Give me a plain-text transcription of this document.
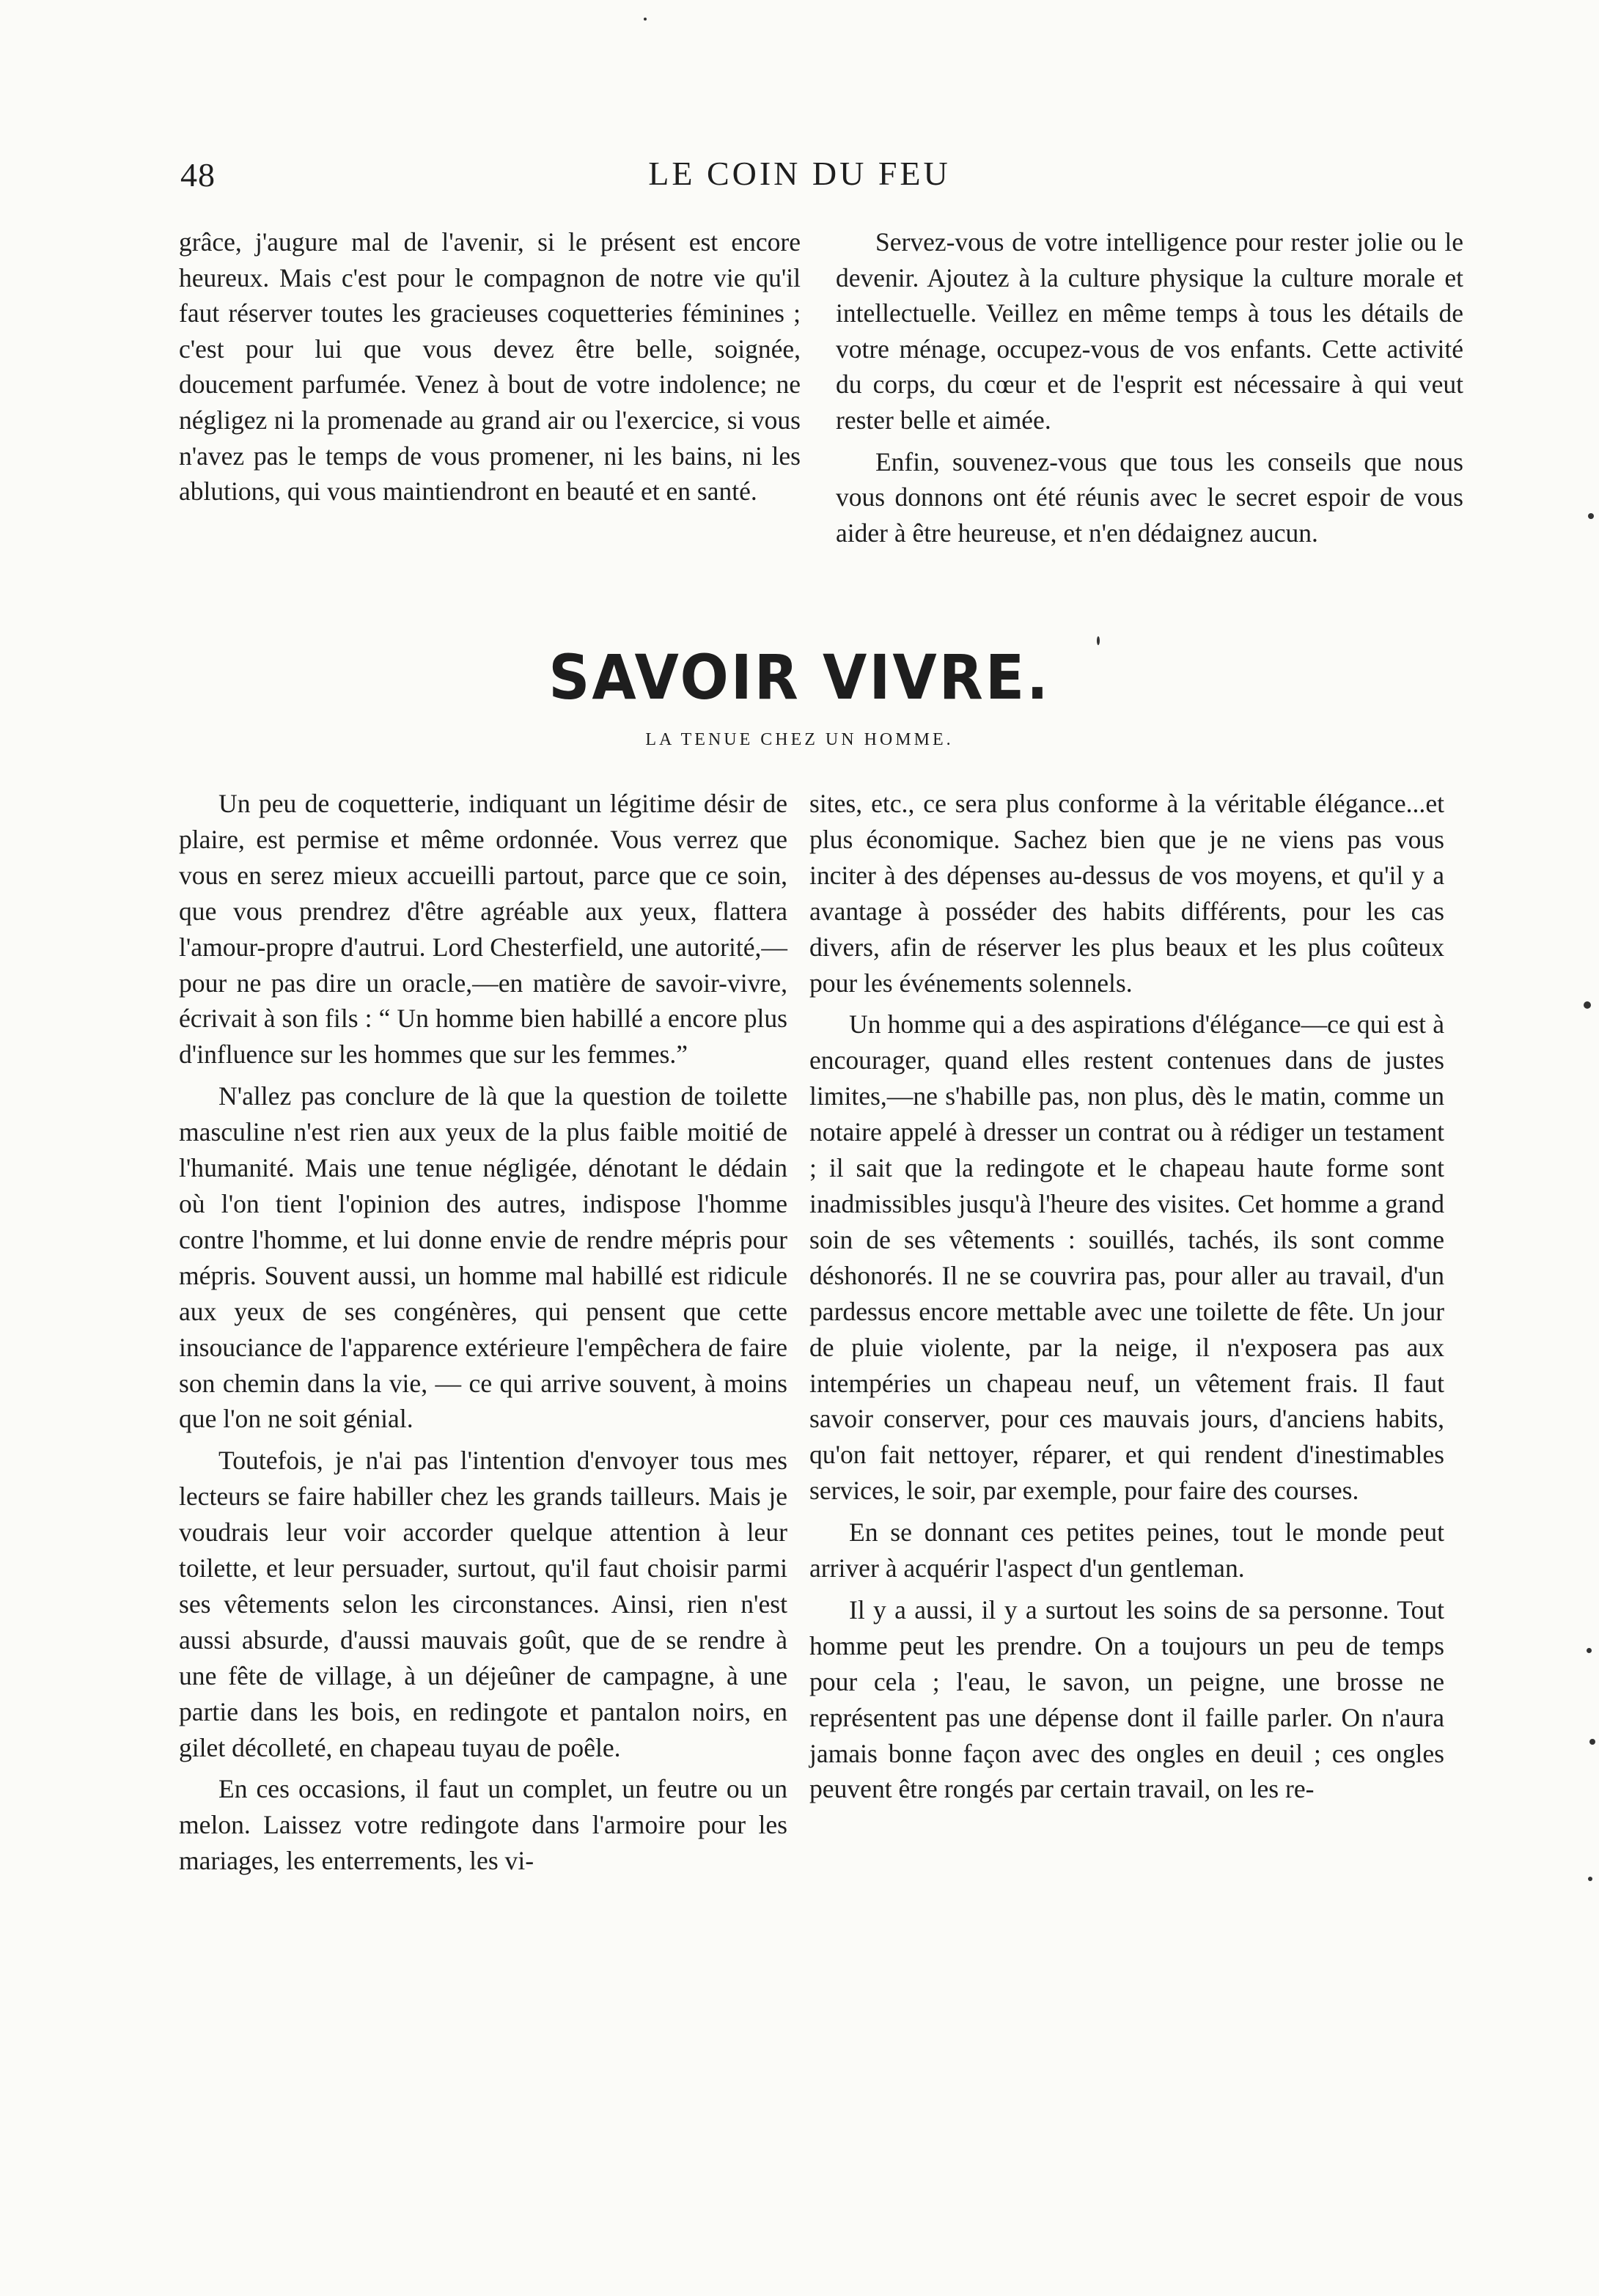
48	LE COIN DU FEU

grâce, j'augure mal de l'avenir, si le présent est encore heureux. Mais c'est pour le compagnon de notre vie qu'il faut réserver toutes les gracieuses coquetteries féminines ; c'est pour lui que vous devez être belle, soignée, doucement parfumée. Venez à bout de votre indolence; ne négligez ni la promenade au grand air ou l'exercice, si vous n'avez pas le temps de vous promener, ni les bains, ni les ablutions, qui vous maintiendront en beauté et en santé.

Servez-vous de votre intelligence pour rester jolie ou le devenir. Ajoutez à la culture physique la culture morale et intellectuelle. Veillez en même temps à tous les détails de votre ménage, occupez-vous de vos enfants. Cette activité du corps, du cœur et de l'esprit est nécessaire à qui veut rester belle et aimée.

Enfin, souvenez-vous que tous les conseils que nous vous donnons ont été réunis avec le secret espoir de vous aider à être heureuse, et n'en dédaignez aucun.

SAVOIR VIVRE.
LA TENUE CHEZ UN HOMME.

Un peu de coquetterie, indiquant un légitime désir de plaire, est permise et même ordonnée. Vous verrez que vous en serez mieux accueilli partout, parce que ce soin, que vous prendrez d'être agréable aux yeux, flattera l'amour-propre d'autrui. Lord Chesterfield, une autorité,—pour ne pas dire un oracle,—en matière de savoir-vivre, écrivait à son fils : “ Un homme bien habillé a encore plus d'influence sur les hommes que sur les femmes.”

N'allez pas conclure de là que la question de toilette masculine n'est rien aux yeux de la plus faible moitié de l'humanité. Mais une tenue négligée, dénotant le dédain où l'on tient l'opinion des autres, indispose l'homme contre l'homme, et lui donne envie de rendre mépris pour mépris. Souvent aussi, un homme mal habillé est ridicule aux yeux de ses congénères, qui pensent que cette insouciance de l'apparence extérieure l'empêchera de faire son chemin dans la vie, — ce qui arrive souvent, à moins que l'on ne soit génial.

Toutefois, je n'ai pas l'intention d'envoyer tous mes lecteurs se faire habiller chez les grands tailleurs. Mais je voudrais leur voir accorder quelque attention à leur toilette, et leur persuader, surtout, qu'il faut choisir parmi ses vêtements selon les circonstances. Ainsi, rien n'est aussi absurde, d'aussi mauvais goût, que de se rendre à une fête de village, à un déjeûner de campagne, à une partie dans les bois, en redingote et pantalon noirs, en gilet décolleté, en chapeau tuyau de poêle.

En ces occasions, il faut un complet, un feutre ou un melon. Laissez votre redingote dans l'armoire pour les mariages, les enterrements, les vi-

sites, etc., ce sera plus conforme à la véritable élégance...et plus économique. Sachez bien que je ne viens pas vous inciter à des dépenses au-dessus de vos moyens, et qu'il y a avantage à posséder des habits différents, pour les cas divers, afin de réserver les plus beaux et les plus coûteux pour les événements solennels.

Un homme qui a des aspirations d'élégance—ce qui est à encourager, quand elles restent contenues dans de justes limites,—ne s'habille pas, non plus, dès le matin, comme un notaire appelé à dresser un contrat ou à rédiger un testament ; il sait que la redingote et le chapeau haute forme sont inadmissibles jusqu'à l'heure des visites. Cet homme a grand soin de ses vêtements : souillés, tachés, ils sont comme déshonorés. Il ne se couvrira pas, pour aller au travail, d'un pardessus encore mettable avec une toilette de fête. Un jour de pluie violente, par la neige, il n'exposera pas aux intempéries un chapeau neuf, un vêtement frais. Il faut savoir conserver, pour ces mauvais jours, d'anciens habits, qu'on fait nettoyer, réparer, et qui rendent d'inestimables services, le soir, par exemple, pour faire des courses.

En se donnant ces petites peines, tout le monde peut arriver à acquérir l'aspect d'un gentleman.

Il y a aussi, il y a surtout les soins de sa personne. Tout homme peut les prendre. On a toujours un peu de temps pour cela ; l'eau, le savon, un peigne, une brosse ne représentent pas une dépense dont il faille parler. On n'aura jamais bonne façon avec des ongles en deuil ; ces ongles peuvent être rongés par certain travail, on les re-
